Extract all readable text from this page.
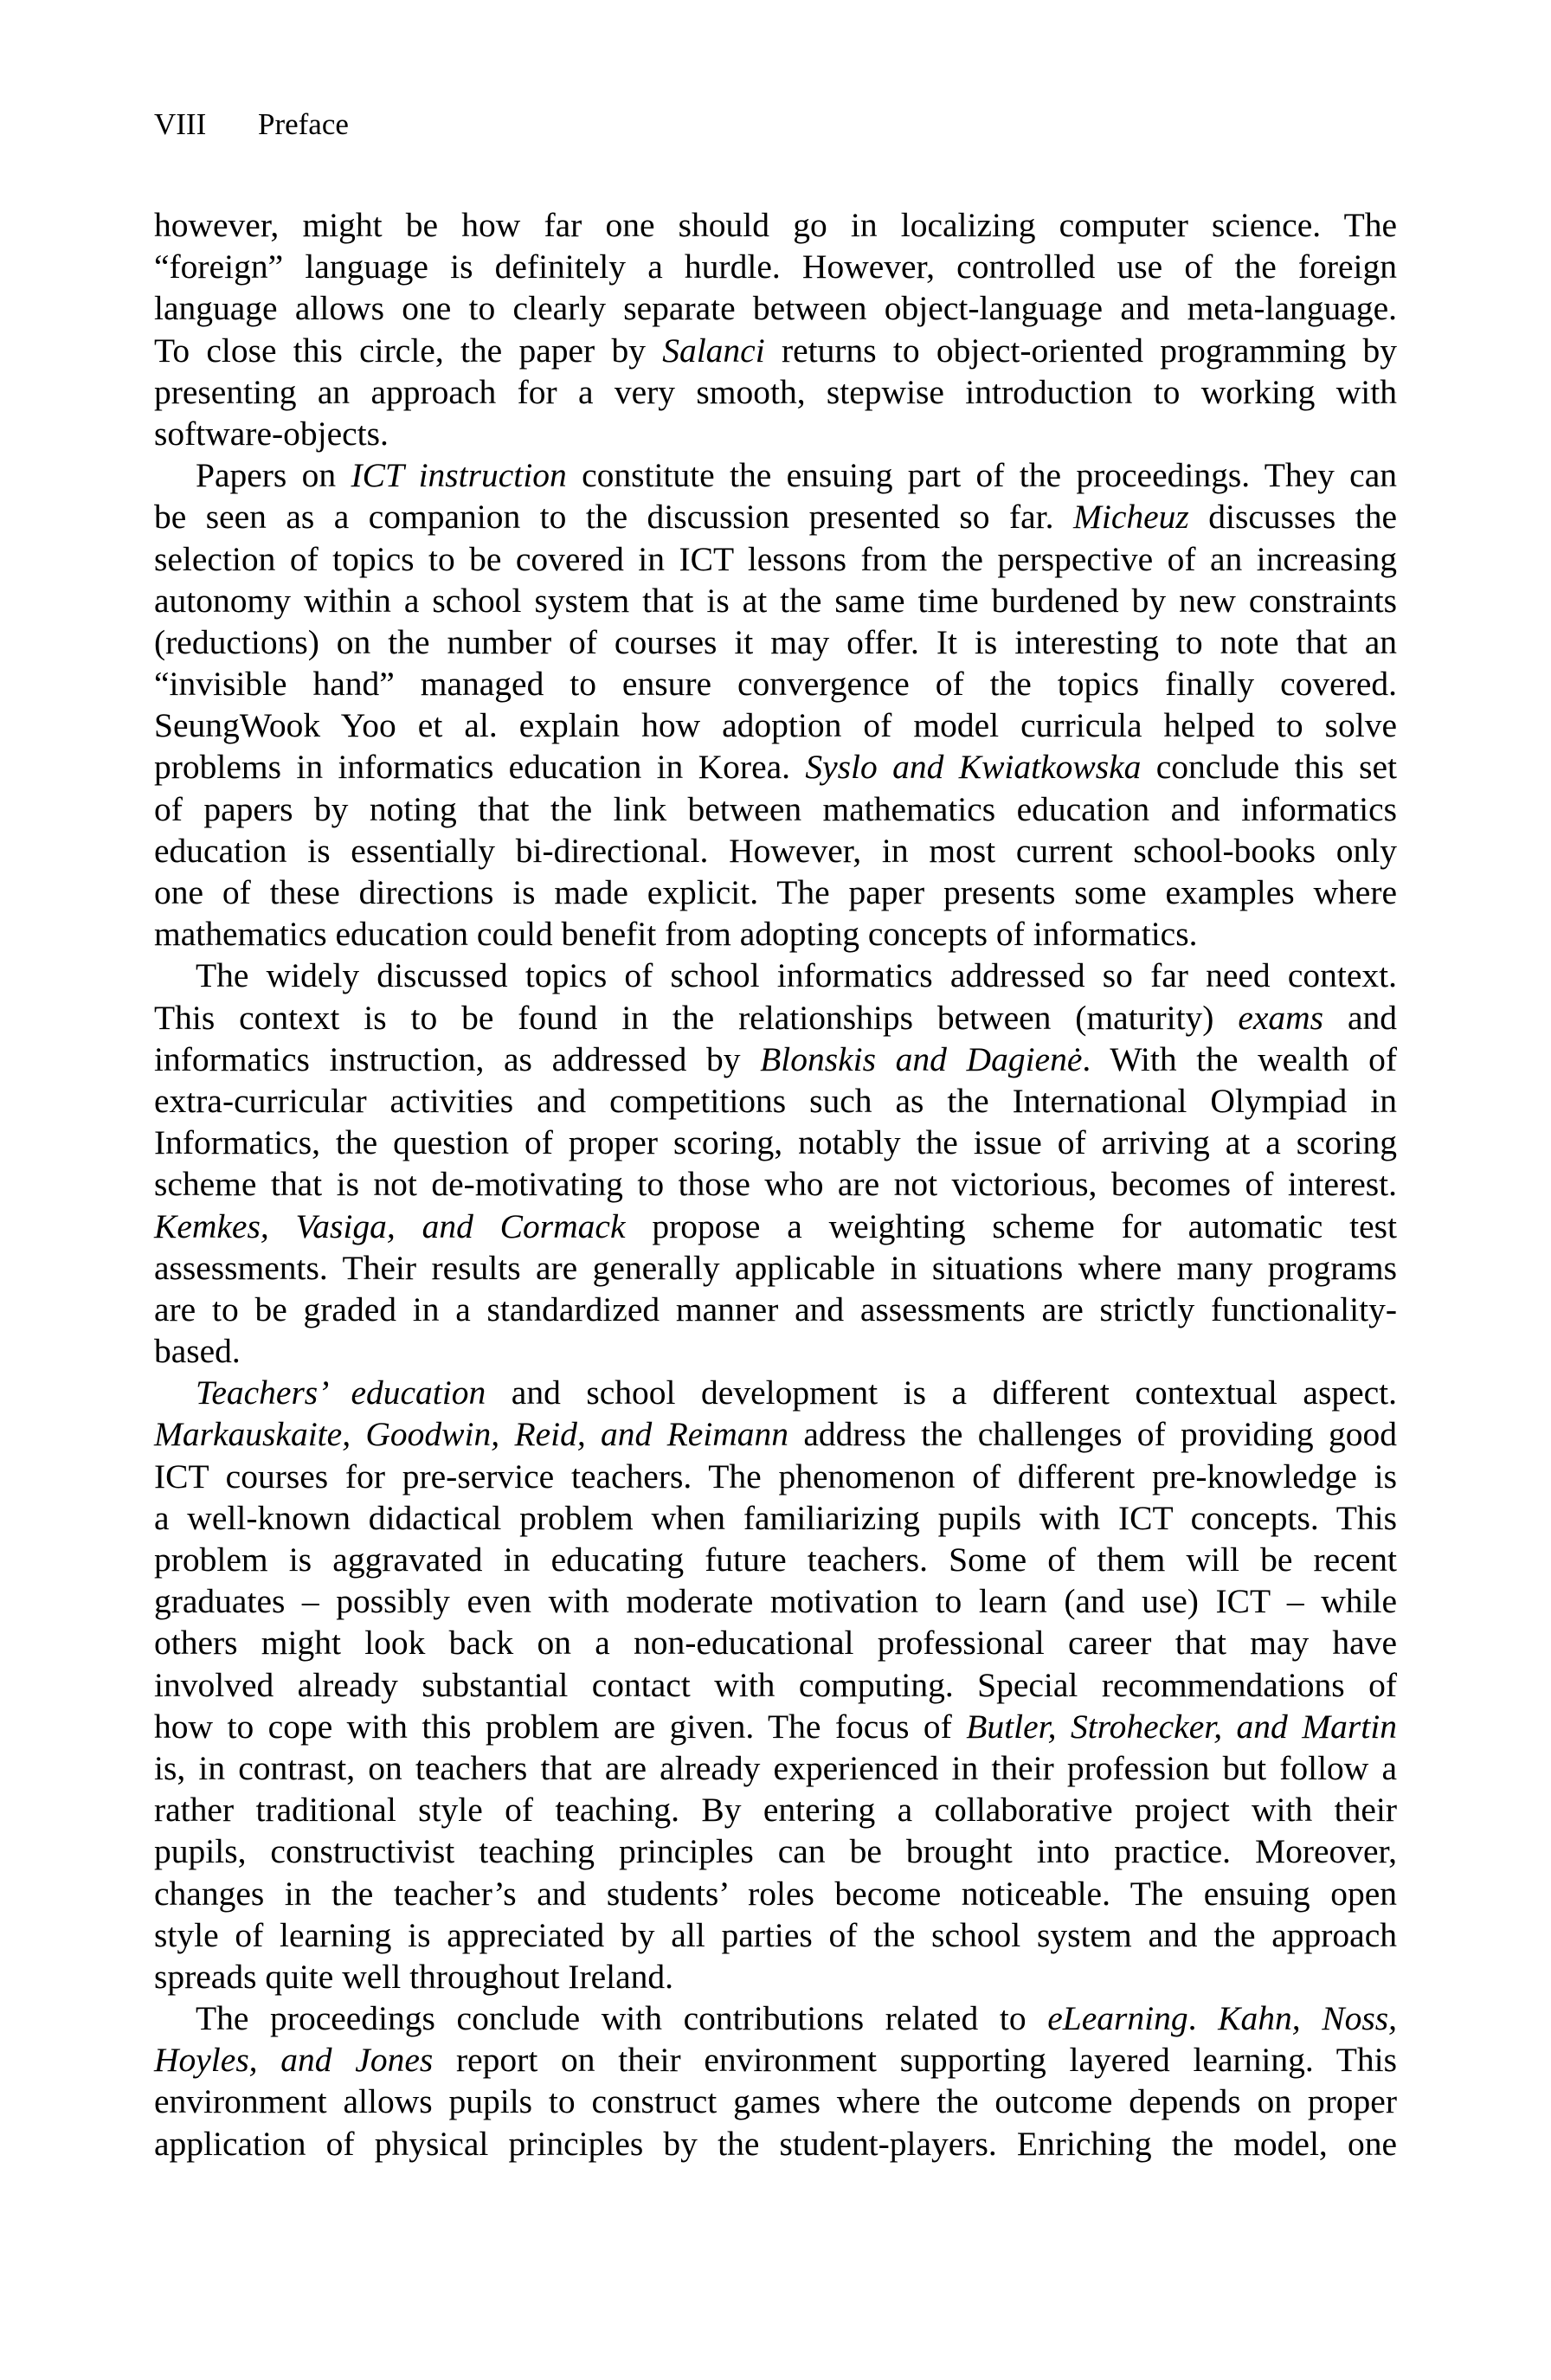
VIII Preface
however, might be how far one should go in localizing computer science. The
“foreign” language is definitely a hurdle. However, controlled use of the foreign
language allows one to clearly separate between object-language and meta-language.
To close this circle, the paper by Salanci returns to object-oriented programming by
presenting an approach for a very smooth, stepwise introduction to working with
software-objects.
Papers on ICT instruction constitute the ensuing part of the proceedings. They can
be seen as a companion to the discussion presented so far. Micheuz discusses the
selection of topics to be covered in ICT lessons from the perspective of an increasing
autonomy within a school system that is at the same time burdened by new constraints
(reductions) on the number of courses it may offer. It is interesting to note that an
“invisible hand” managed to ensure convergence of the topics finally covered.
SeungWook Yoo et al. explain how adoption of model curricula helped to solve
problems in informatics education in Korea. Syslo and Kwiatkowska conclude this set
of papers by noting that the link between mathematics education and informatics
education is essentially bi-directional. However, in most current school-books only
one of these directions is made explicit. The paper presents some examples where
mathematics education could benefit from adopting concepts of informatics.
The widely discussed topics of school informatics addressed so far need context.
This context is to be found in the relationships between (maturity) exams and
informatics instruction, as addressed by Blonskis and Dagienė. With the wealth of
extra-curricular activities and competitions such as the International Olympiad in
Informatics, the question of proper scoring, notably the issue of arriving at a scoring
scheme that is not de-motivating to those who are not victorious, becomes of interest.
Kemkes, Vasiga, and Cormack propose a weighting scheme for automatic test
assessments. Their results are generally applicable in situations where many programs
are to be graded in a standardized manner and assessments are strictly functionality-
based.
Teachers’ education and school development is a different contextual aspect.
Markauskaite, Goodwin, Reid, and Reimann address the challenges of providing good
ICT courses for pre-service teachers. The phenomenon of different pre-knowledge is
a well-known didactical problem when familiarizing pupils with ICT concepts. This
problem is aggravated in educating future teachers. Some of them will be recent
graduates – possibly even with moderate motivation to learn (and use) ICT – while
others might look back on a non-educational professional career that may have
involved already substantial contact with computing. Special recommendations of
how to cope with this problem are given. The focus of Butler, Strohecker, and Martin
is, in contrast, on teachers that are already experienced in their profession but follow a
rather traditional style of teaching. By entering a collaborative project with their
pupils, constructivist teaching principles can be brought into practice. Moreover,
changes in the teacher’s and students’ roles become noticeable. The ensuing open
style of learning is appreciated by all parties of the school system and the approach
spreads quite well throughout Ireland.
The proceedings conclude with contributions related to eLearning. Kahn, Noss,
Hoyles, and Jones report on their environment supporting layered learning. This
environment allows pupils to construct games where the outcome depends on proper
application of physical principles by the student-players. Enriching the model, one
